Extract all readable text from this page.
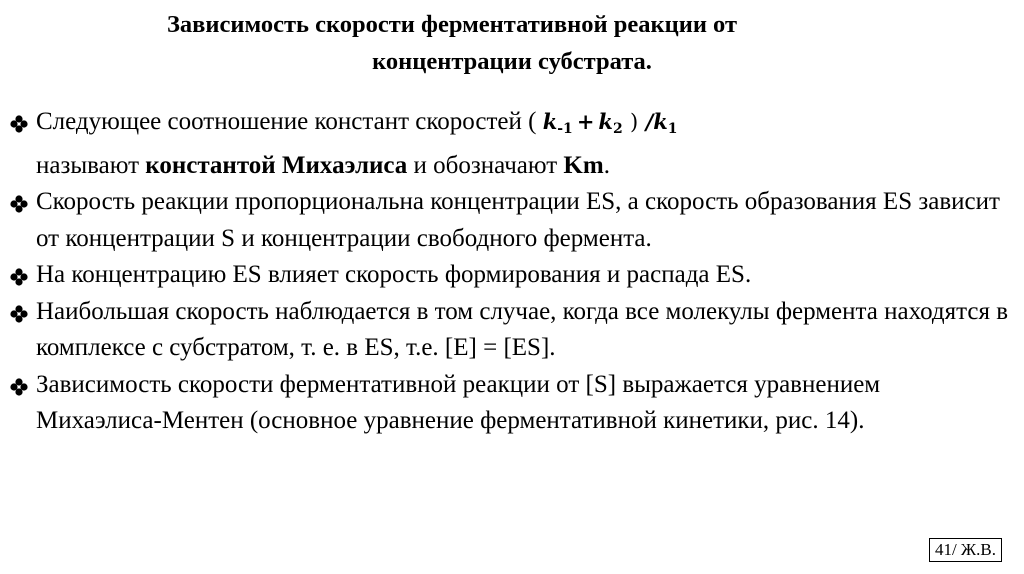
Зависимость скорости ферментативной реакции от
концентрации субстрата.
Следующее соотношение констант скоростей ( $k_{-1} + k_2$ ) $/k_1$
называют константой Михаэлиса и обозначают Km.
Скорость реакции пропорциональна концентрации ES, а скорость образования ES зависит от концентрации S и концентрации свободного фермента.
На концентрацию ES влияет скорость формирования и распада ES.
Наибольшая скорость наблюдается в том случае, когда все молекулы фермента находятся в комплексе с субстратом, т. е. в ES, т.е. [E] = [ES].
Зависимость скорости ферментативной реакции от [S] выражается уравнением Михаэлиса-Ментен (основное уравнение ферментативной кинетики, рис. 14).
41/ Ж.В.
